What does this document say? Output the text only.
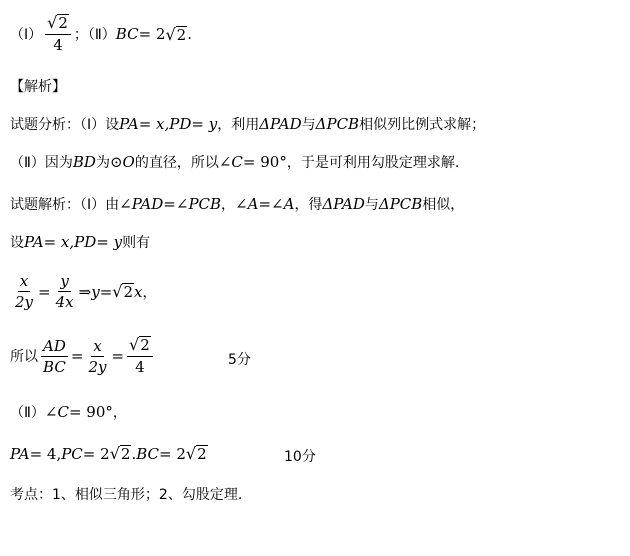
（Ⅰ） $\frac{√ 2}{4}$ ；（Ⅱ） BC = 2 √ 2 .
【解析】
试题分析：（Ⅰ）设 PA = x, PD = y ，利用 ΔPAD 与 ΔPCB 相似列比例式求解；
（Ⅱ）因为 BD 为 ⊙ O 的直径，所以 ∠C = 90° ，于是可利用勾股定理求解.
试题解析：（Ⅰ）由 ∠PAD = ∠PCB ， ∠A = ∠A ，得 ΔPAD 与 ΔPCB 相似，
设 PA = x, PD = y 则有
$\frac{x}{2y} = \frac{y}{4x}$ ⇒ y = √ 2 x ，
所以 $\frac{AD}{BC} = \frac{x}{2y} = \frac{√ 2}{4}$	5分
（Ⅱ） ∠C = 90° ，
PA = 4, PC = 2 √ 2 . BC = 2 √ 2	10分
考点：1、相似三角形；2、勾股定理.
